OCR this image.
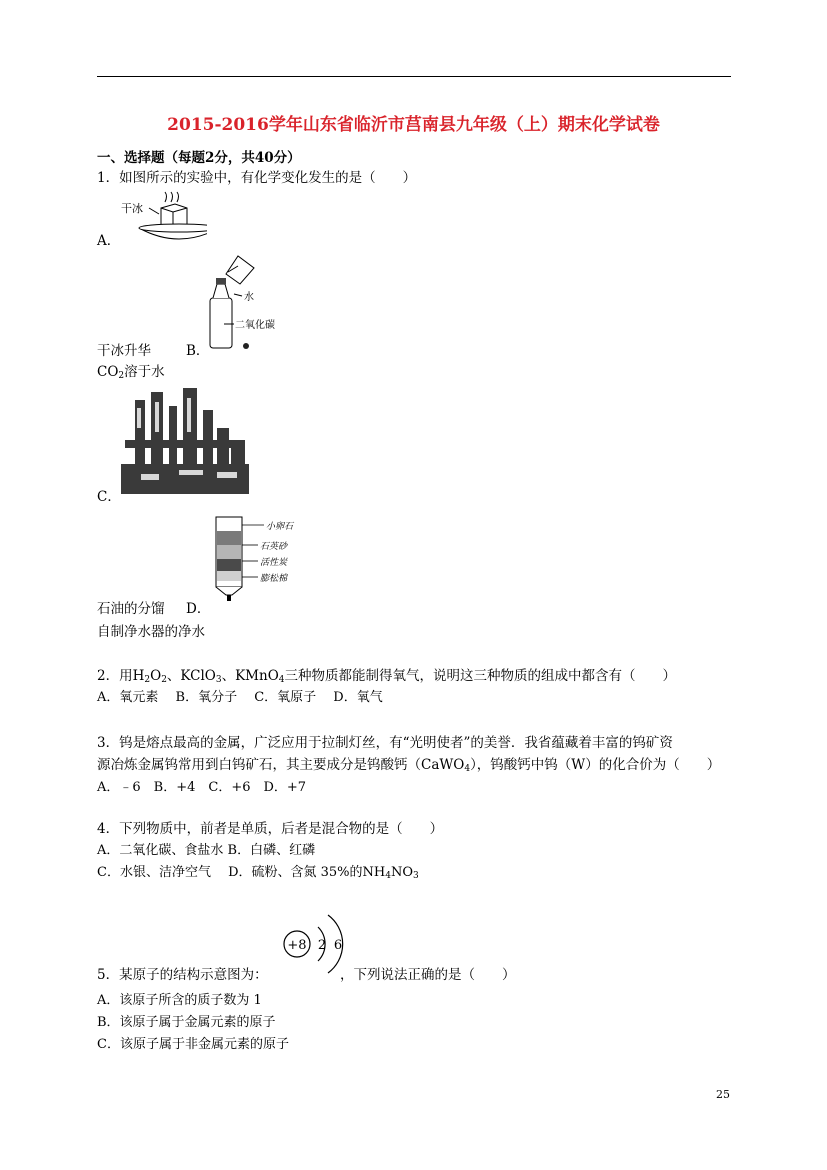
2015-2016学年山东省临沂市莒南县九年级（上）期末化学试卷
一、选择题（每题2分，共40分）
1．如图所示的实验中，有化学变化发生的是（　　）
干冰
A．
水
二氧化碳
干冰升华	B．
$CO_2$溶于水
C．
小卵石
石英砂
活性炭
膨松棉
石油的分馏 D．
自制净水器的净水
2．用$H_2O_2$、KClO$_3$、KMnO$_4$三种物质都能制得氧气，说明这三种物质的组成中都含有（　　）
A．氧元素　 B．氧分子　 C．氧原子　 D．氧气
3．钨是熔点最高的金属，广泛应用于拉制灯丝，有“光明使者”的美誉．我省蕴藏着丰富的钨矿资
源冶炼金属钨常用到白钨矿石，其主要成分是钨酸钙（CaWO$_4$），钨酸钙中钨（W）的化合价为（　　）
A．﹣6　B．+4　C．+6　D．+7
4．下列物质中，前者是单质，后者是混合物的是（　　）
A．二氧化碳、食盐水 B．白磷、红磷
C．水银、洁净空气　 D．硫粉、含氮 35%的$NH_4NO_3$
+8 2 6
5．某原子的结构示意图为：	，下列说法正确的是（　　）
A．该原子所含的质子数为 1
B．该原子属于金属元素的原子
C．该原子属于非金属元素的原子
25
